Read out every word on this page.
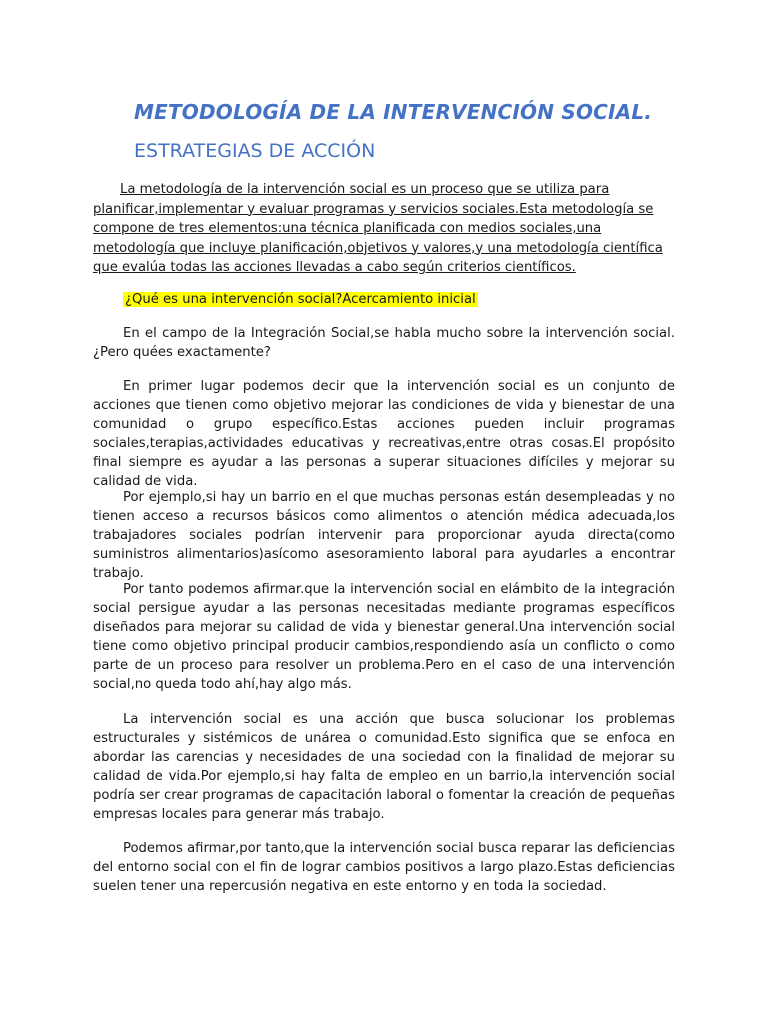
METODOLOGÍA DE LA INTERVENCIÓN SOCIAL.
ESTRATEGIAS DE ACCIÓN

La metodología de la intervención social es un proceso que se utiliza para planificar,implementar y evaluar programas y servicios sociales.Esta metodología se compone de tres elementos:una técnica planificada con medios sociales,una metodología que incluye planificación,objetivos y valores,y una metodología científica que evalúa todas las acciones llevadas a cabo según criterios científicos.

¿Qué es una intervención social?Acercamiento inicial

En el campo de la Integración Social,se habla mucho sobre la intervención social.¿Pero quées exactamente?

En primer lugar podemos decir que la intervención social es un conjunto de acciones que tienen como objetivo mejorar las condiciones de vida y bienestar de una comunidad o grupo específico.Estas acciones pueden incluir programas sociales,terapias,actividades educativas y recreativas,entre otras cosas.El propósito final siempre es ayudar a las personas a superar situaciones difíciles y mejorar su calidad de vida.

Por ejemplo,si hay un barrio en el que muchas personas están desempleadas y no tienen acceso a recursos básicos como alimentos o atención médica adecuada,los trabajadores sociales podrían intervenir para proporcionar ayuda directa(como suministros alimentarios)asícomo asesoramiento laboral para ayudarles a encontrar trabajo.

Por tanto podemos afirmar.que la intervención social en elámbito de la integración social persigue ayudar a las personas necesitadas mediante programas específicos diseñados para mejorar su calidad de vida y bienestar general.Una intervención social tiene como objetivo principal producir cambios,respondiendo asía un conflicto o como parte de un proceso para resolver un problema.Pero en el caso de una intervención social,no queda todo ahí,hay algo más.

La intervención social es una acción que busca solucionar los problemas estructurales y sistémicos de unárea o comunidad.Esto significa que se enfoca en abordar las carencias y necesidades de una sociedad con la finalidad de mejorar su calidad de vida.Por ejemplo,si hay falta de empleo en un barrio,la intervención social podría ser crear programas de capacitación laboral o fomentar la creación de pequeñas empresas locales para generar más trabajo.

Podemos afirmar,por tanto,que la intervención social busca reparar las deficiencias del entorno social con el fin de lograr cambios positivos a largo plazo.Estas deficiencias suelen tener una repercusión negativa en este entorno y en toda la sociedad.
